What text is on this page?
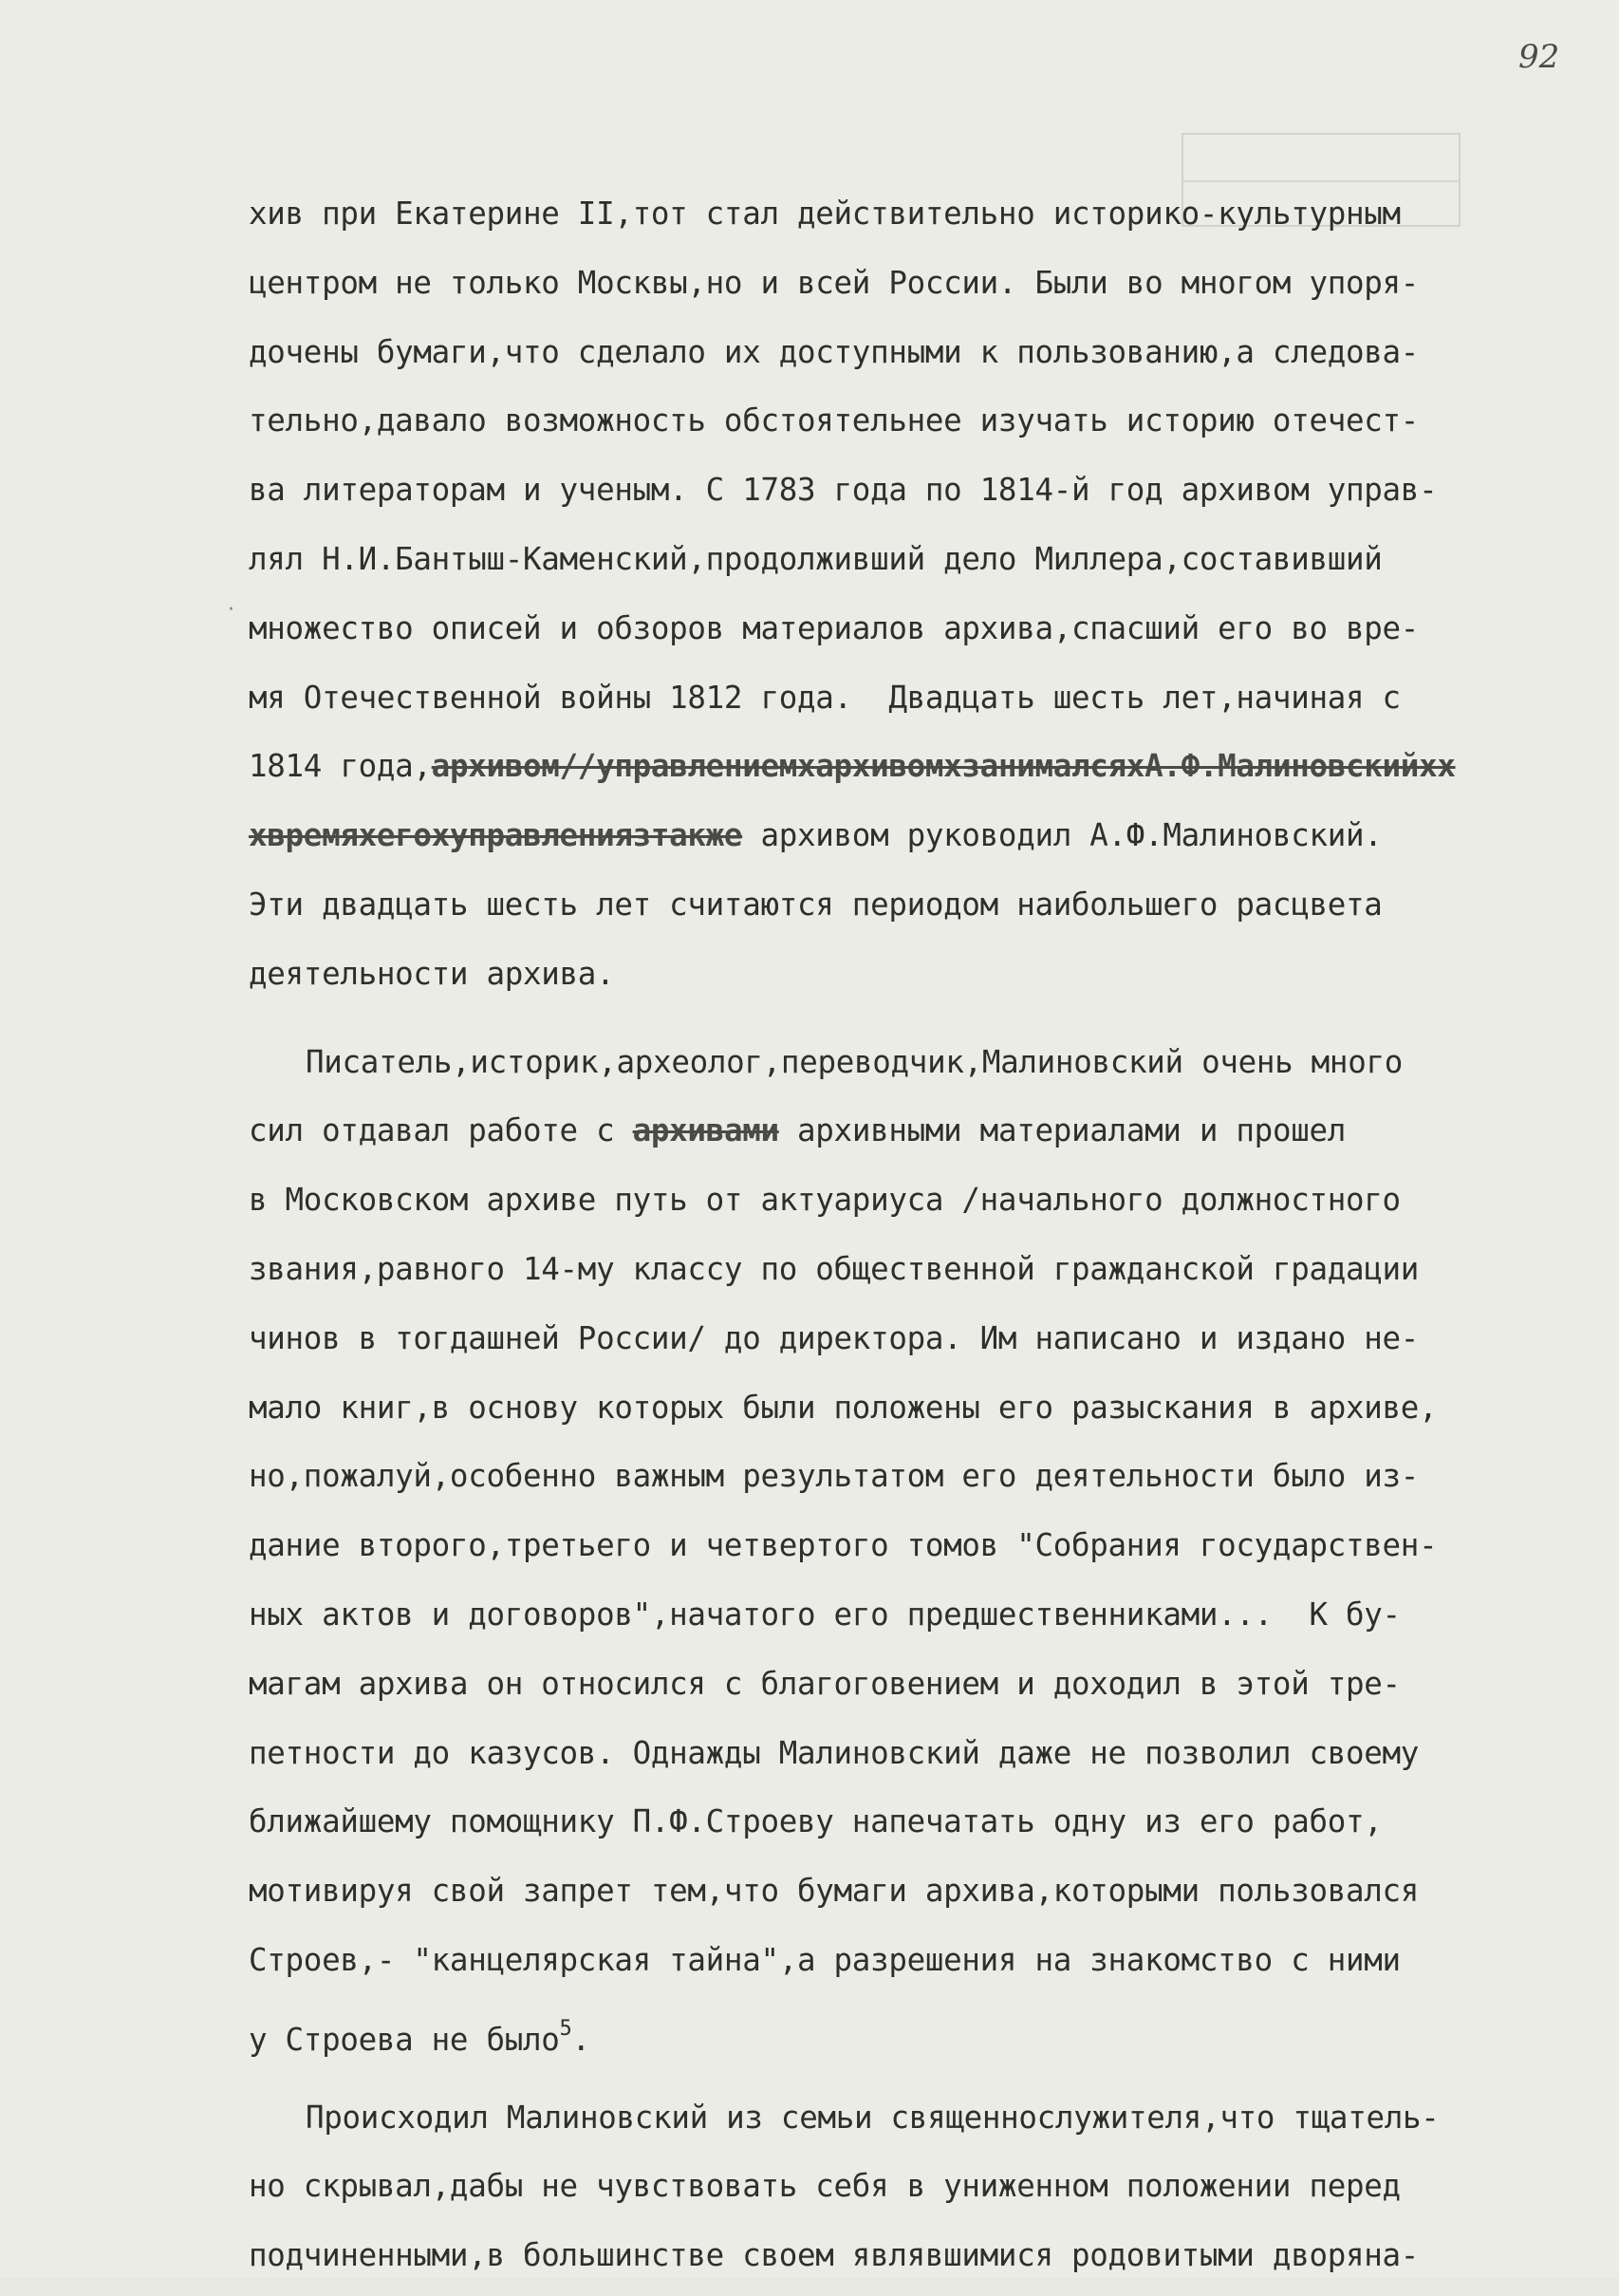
92
·
хив при Екатерине II,тот стал действительно историко-культурным
центром не только Москвы,но и всей России. Были во многом упоря-
дочены бумаги,что сделало их доступными к пользованию,а следова-
тельно,давало возможность обстоятельнее изучать историю отечест-
ва литераторам и ученым. С 1783 года по 1814-й год архивом управ-
лял Н.И.Бантыш-Каменский,продолживший дело Миллера,составивший
множество описей и обзоров материалов архива,спасший его во вре-
мя Отечественной войны 1812 года.  Двадцать шесть лет,начиная с
1814 года,архивом//управлениемхархивомхзанималсяхА.Ф.Малиновскийхх
хвремяхегохуправлениязтакже архивом руководил А.Ф.Малиновский.
Эти двадцать шесть лет считаются периодом наибольшего расцвета
деятельности архива.
Писатель,историк,археолог,переводчик,Малиновский очень много
сил отдавал работе с архивами архивными материалами и прошел
в Московском архиве путь от актуариуса /начального должностного
звания,равного 14-му классу по общественной гражданской градации
чинов в тогдашней России/ до директора. Им написано и издано не-
мало книг,в основу которых были положены его разыскания в архиве,
но,пожалуй,особенно важным результатом его деятельности было из-
дание второго,третьего и четвертого томов "Собрания государствен-
ных актов и договоров",начатого его предшественниками...  К бу-
магам архива он относился с благоговением и доходил в этой тре-
петности до казусов. Однажды Малиновский даже не позволил своему
ближайшему помощнику П.Ф.Строеву напечатать одну из его работ,
мотивируя свой запрет тем,что бумаги архива,которыми пользовался
Строев,- "канцелярская тайна",а разрешения на знакомство с ними
у Строева не было$^5$.
Происходил Малиновский из семьи священнослужителя,что тщатель-
но скрывал,дабы не чувствовать себя в униженном положении перед
подчиненными,в большинстве своем являвшимися родовитыми дворяна-
